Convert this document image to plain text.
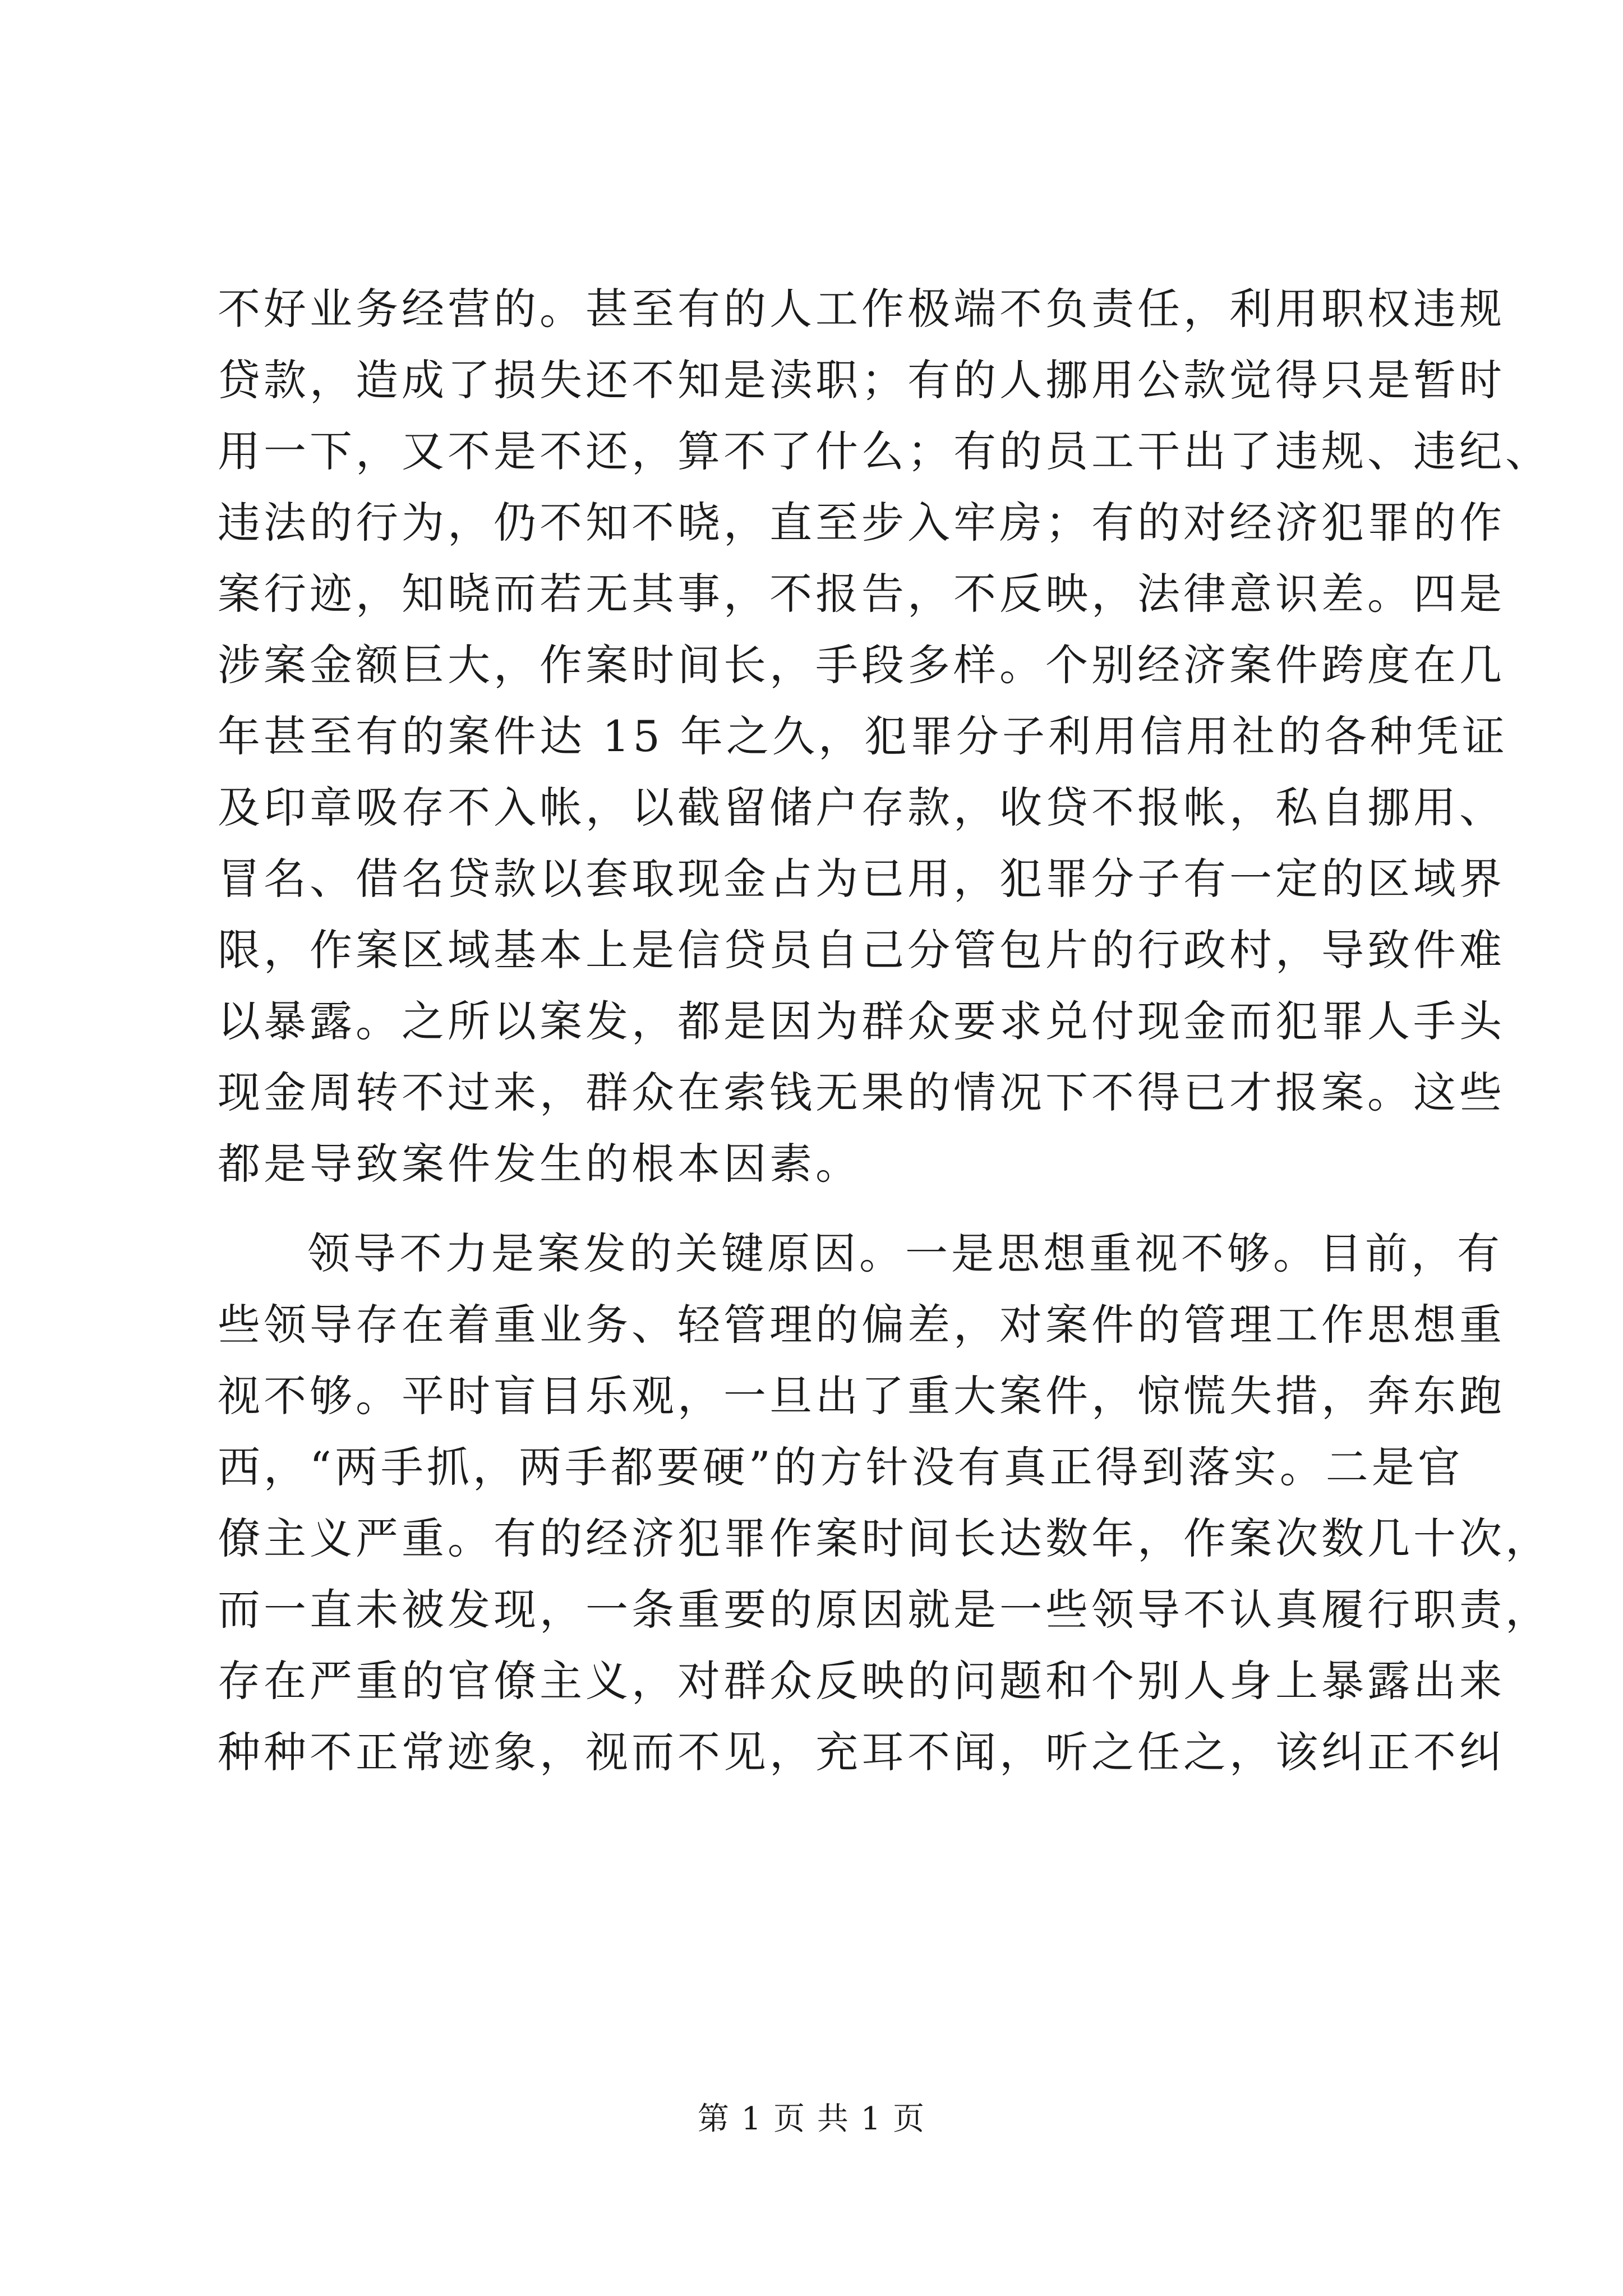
不好业务经营的。甚至有的人工作极端不负责任，利用职权违规
贷款，造成了损失还不知是渎职；有的人挪用公款觉得只是暂时
用一下，又不是不还，算不了什么；有的员工干出了违规、违纪、
违法的行为，仍不知不晓，直至步入牢房；有的对经济犯罪的作
案行迹，知晓而若无其事，不报告，不反映，法律意识差。四是
涉案金额巨大，作案时间长，手段多样。个别经济案件跨度在几
年甚至有的案件达 15 年之久，犯罪分子利用信用社的各种凭证
及印章吸存不入帐，以截留储户存款，收贷不报帐，私自挪用、
冒名、借名贷款以套取现金占为已用，犯罪分子有一定的区域界
限，作案区域基本上是信贷员自己分管包片的行政村，导致件难
以暴露。之所以案发，都是因为群众要求兑付现金而犯罪人手头
现金周转不过来，群众在索钱无果的情况下不得已才报案。这些
都是导致案件发生的根本因素。
领导不力是案发的关键原因。一是思想重视不够。目前，有
些领导存在着重业务、轻管理的偏差，对案件的管理工作思想重
视不够。平时盲目乐观，一旦出了重大案件，惊慌失措，奔东跑
西，“两手抓，两手都要硬”的方针没有真正得到落实。二是官
僚主义严重。有的经济犯罪作案时间长达数年，作案次数几十次，
而一直未被发现，一条重要的原因就是一些领导不认真履行职责，
存在严重的官僚主义，对群众反映的问题和个别人身上暴露出来
种种不正常迹象，视而不见，充耳不闻，听之任之，该纠正不纠
第 1 页 共 1 页
